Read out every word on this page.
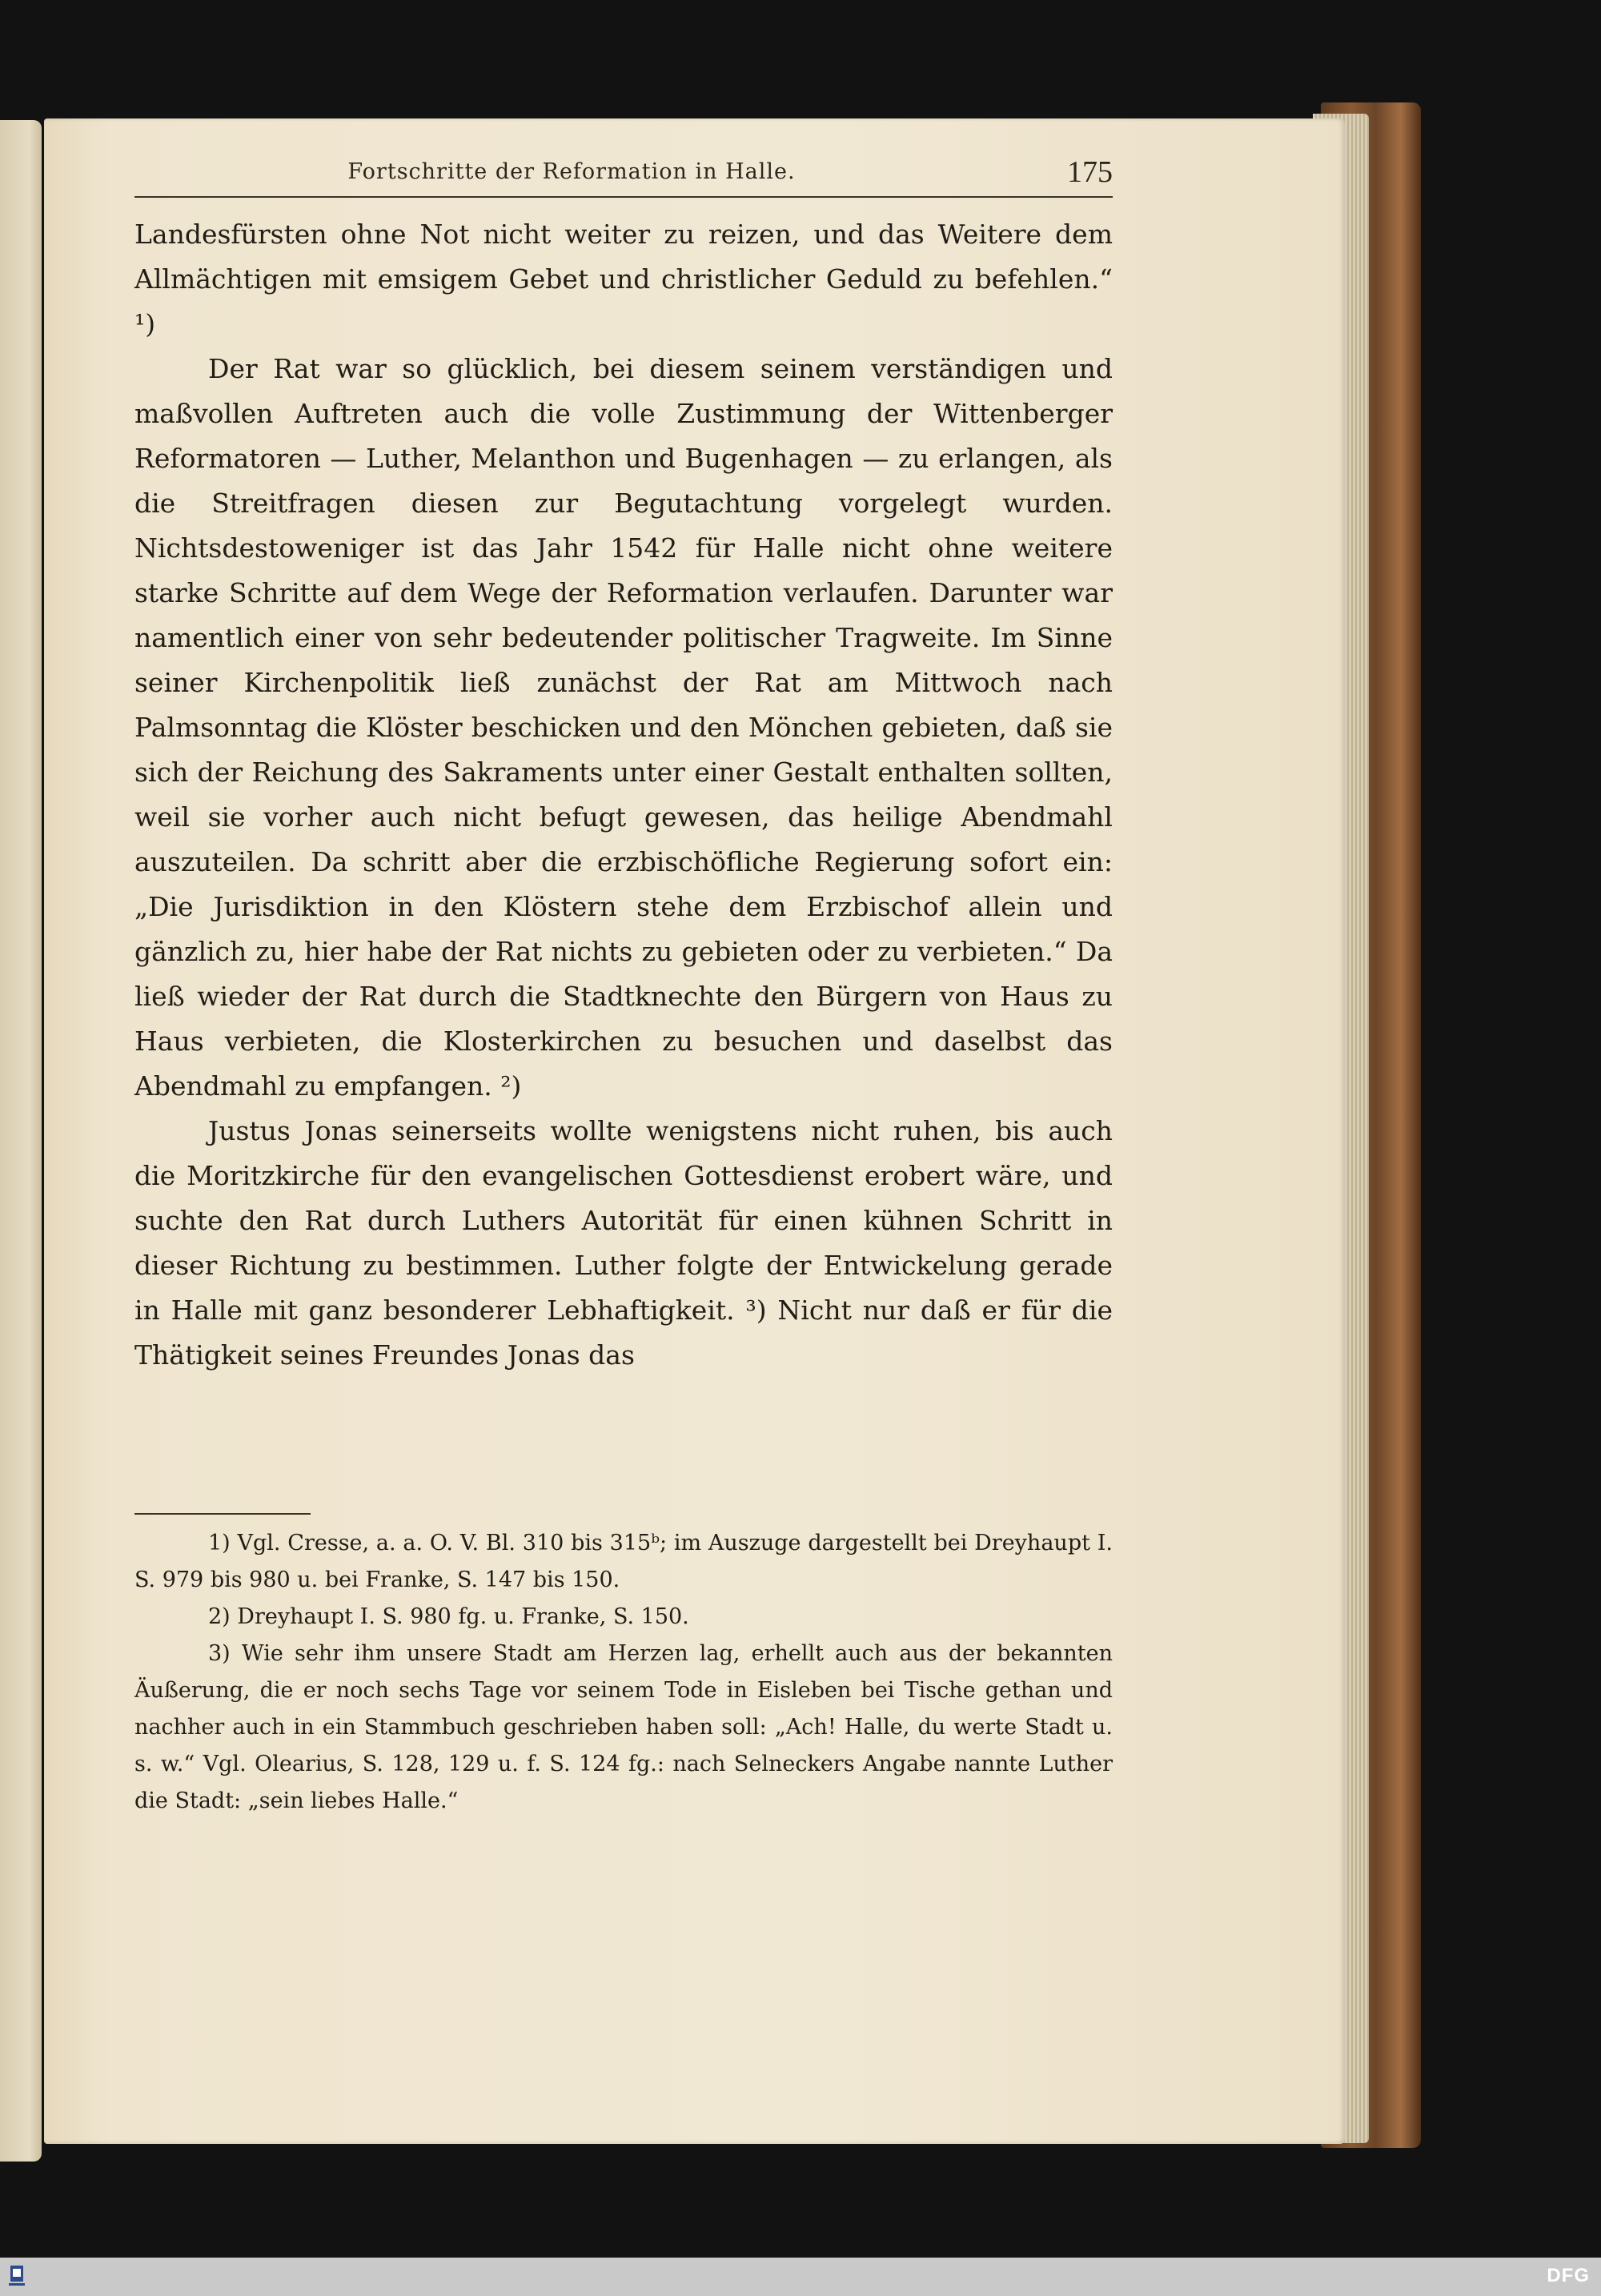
Fortschritte der Reformation in Halle.	175

Landesfürsten ohne Not nicht weiter zu reizen, und das Weitere dem Allmächtigen mit emsigem Gebet und christlicher Geduld zu befehlen.“ ¹)

Der Rat war so glücklich, bei diesem seinem verständigen und maßvollen Auftreten auch die volle Zustimmung der Wittenberger Reformatoren — Luther, Melanthon und Bugenhagen — zu erlangen, als die Streitfragen diesen zur Begutachtung vorgelegt wurden. Nichtsdestoweniger ist das Jahr 1542 für Halle nicht ohne weitere starke Schritte auf dem Wege der Reformation verlaufen. Darunter war namentlich einer von sehr bedeutender politischer Tragweite. Im Sinne seiner Kirchenpolitik ließ zunächst der Rat am Mittwoch nach Palmsonntag die Klöster beschicken und den Mönchen gebieten, daß sie sich der Reichung des Sakraments unter einer Gestalt enthalten sollten, weil sie vorher auch nicht befugt gewesen, das heilige Abendmahl auszuteilen. Da schritt aber die erzbischöfliche Regierung sofort ein: „Die Jurisdiktion in den Klöstern stehe dem Erzbischof allein und gänzlich zu, hier habe der Rat nichts zu gebieten oder zu verbieten.“ Da ließ wieder der Rat durch die Stadtknechte den Bürgern von Haus zu Haus verbieten, die Klosterkirchen zu besuchen und daselbst das Abendmahl zu empfangen. ²)

Justus Jonas seinerseits wollte wenigstens nicht ruhen, bis auch die Moritzkirche für den evangelischen Gottesdienst erobert wäre, und suchte den Rat durch Luthers Autorität für einen kühnen Schritt in dieser Richtung zu bestimmen. Luther folgte der Entwickelung gerade in Halle mit ganz besonderer Lebhaftigkeit. ³) Nicht nur daß er für die Thätigkeit seines Freundes Jonas das

1) Vgl. Cresse, a. a. O. V. Bl. 310 bis 315ᵇ; im Auszuge dargestellt bei Dreyhaupt I. S. 979 bis 980 u. bei Franke, S. 147 bis 150.

2) Dreyhaupt I. S. 980 fg. u. Franke, S. 150.

3) Wie sehr ihm unsere Stadt am Herzen lag, erhellt auch aus der bekannten Äußerung, die er noch sechs Tage vor seinem Tode in Eisleben bei Tische gethan und nachher auch in ein Stammbuch geschrieben haben soll: „Ach! Halle, du werte Stadt u. s. w.“ Vgl. Olearius, S. 128, 129 u. f. S. 124 fg.: nach Selneckers Angabe nannte Luther die Stadt: „sein liebes Halle.“

DFG
